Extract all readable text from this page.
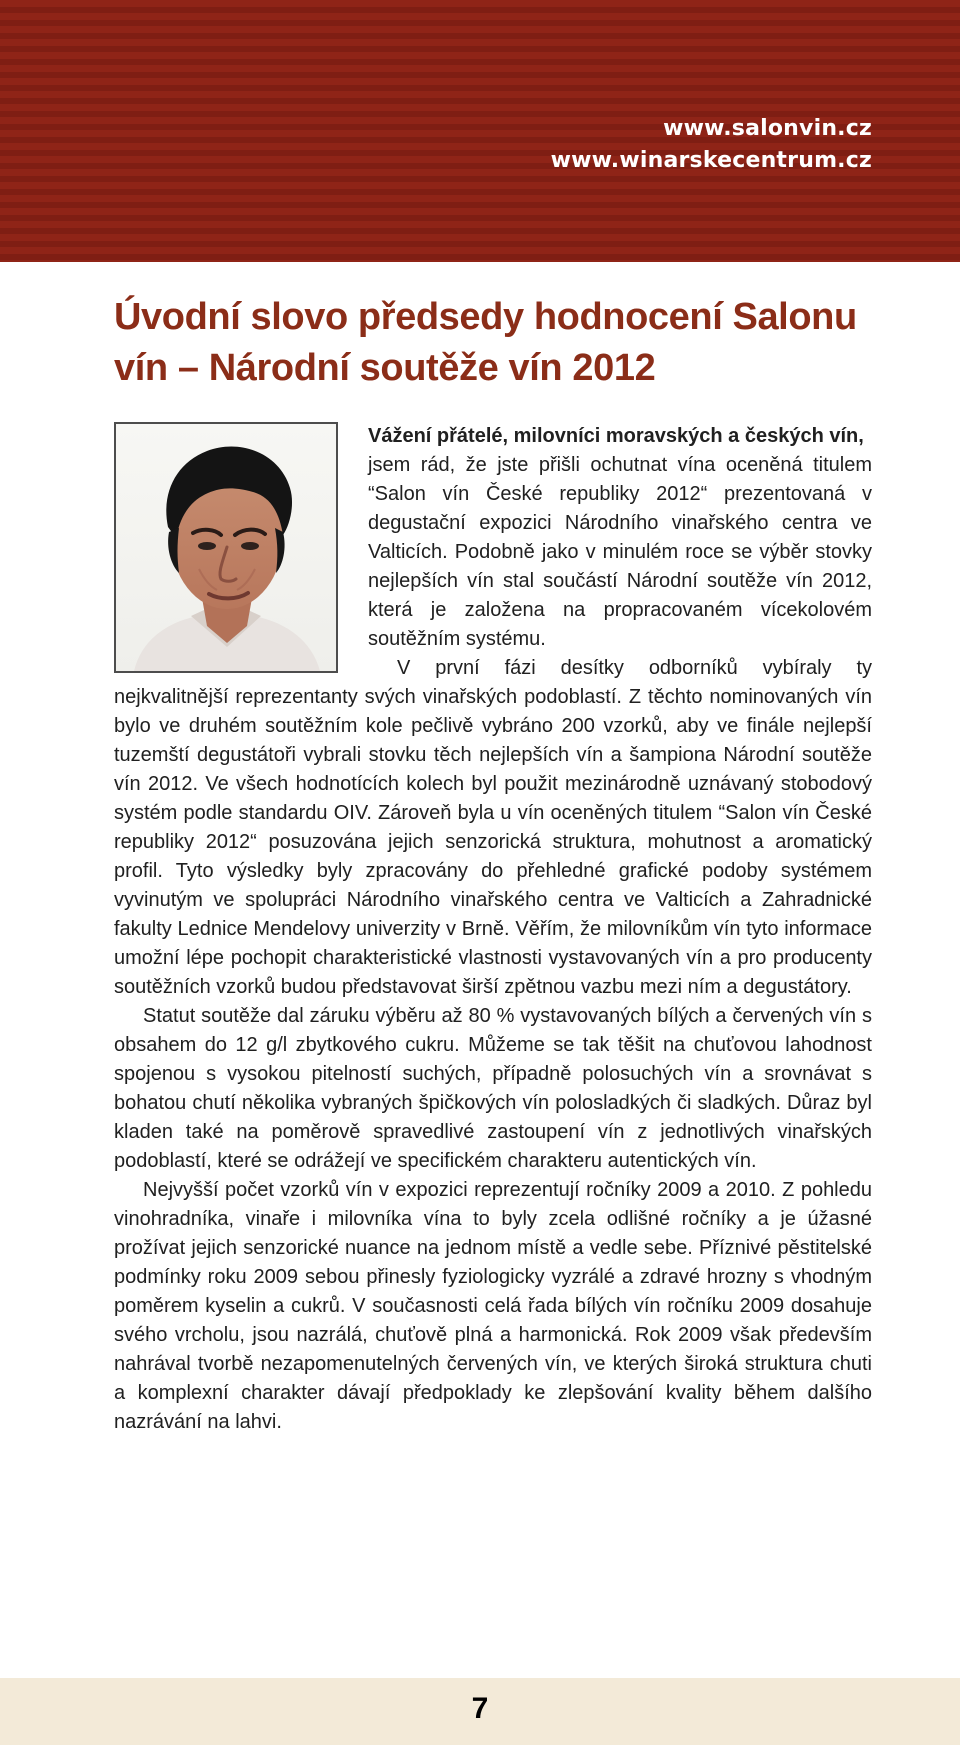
www.salonvin.cz
www.winarskecentrum.cz
Úvodní slovo předsedy hodnocení Salonu vín – Národní soutěže vín 2012

Vážení přátelé, milovníci moravských a českých vín,

jsem rád, že jste přišli ochutnat vína oceněná titulem “Salon vín České republiky 2012“ prezentovaná v degustační expozici Národního vinařského centra ve Valticích. Podobně jako v minulém roce se výběr stovky nejlepších vín stal součástí Národní soutěže vín 2012, která je založena na propracovaném vícekolovém soutěžním systému.

V první fázi desítky odborníků vybíraly ty nejkvalitnější reprezentanty svých vinařských podoblastí. Z těchto nominovaných vín bylo ve druhém soutěžním kole pečlivě vybráno 200 vzorků, aby ve finále nejlepší tuzemští degustátoři vybrali stovku těch nejlepších vín a šampiona Národní soutěže vín 2012. Ve všech hodnotících kolech byl použit mezinárodně uznávaný stobodový systém podle standardu OIV. Zároveň byla u vín oceněných titulem “Salon vín České republiky 2012“ posuzována jejich senzorická struktura, mohutnost a aromatický profil. Tyto výsledky byly zpracovány do přehledné grafické podoby systémem vyvinutým ve spolupráci Národního vinařského centra ve Valticích a Zahradnické fakulty Lednice Mendelovy univerzity v Brně. Věřím, že milovníkům vín tyto informace umožní lépe pochopit charakteristické vlastnosti vystavovaných vín a pro producenty soutěžních vzorků budou představovat širší zpětnou vazbu mezi ním a degustátory.

Statut soutěže dal záruku výběru až 80 % vystavovaných bílých a červených vín s obsahem do 12 g/l zbytkového cukru. Můžeme se tak těšit na chuťovou lahodnost spojenou s vysokou pitelností suchých, případně polosuchých vín a srovnávat s bohatou chutí několika vybraných špičkových vín polosladkých či sladkých. Důraz byl kladen také na poměrově spravedlivé zastoupení vín z jednotlivých vinařských podoblastí, které se odrážejí ve specifickém charakteru autentických vín.

Nejvyšší počet vzorků vín v expozici reprezentují ročníky 2009 a 2010. Z pohledu vinohradníka, vinaře i milovníka vína to byly zcela odlišné ročníky a je úžasné prožívat jejich senzorické nuance na jednom místě a vedle sebe. Příznivé pěstitelské podmínky roku 2009 sebou přinesly fyziologicky vyzrálé a zdravé hrozny s vhodným poměrem kyselin a cukrů. V současnosti celá řada bílých vín ročníku 2009 dosahuje svého vrcholu, jsou nazrálá, chuťově plná a harmonická. Rok 2009 však především nahrával tvorbě nezapomenutelných červených vín, ve kterých široká struktura chuti a komplexní charakter dávají předpoklady ke zlepšování kvality během dalšího nazrávání na lahvi.

7
